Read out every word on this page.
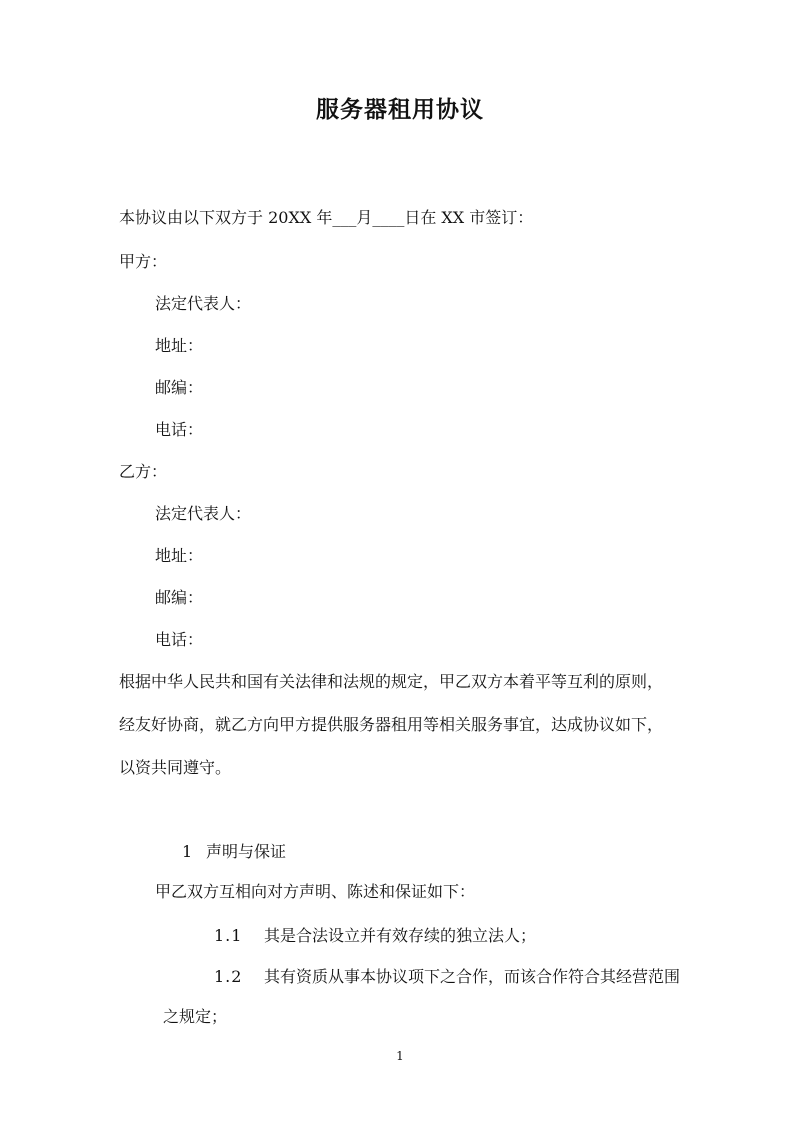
服务器租用协议
本协议由以下双方于 20XX 年___月____日在 XX 市签订：
甲方：
法定代表人：
地址：
邮编：
电话：
乙方：
法定代表人：
地址：
邮编：
电话：
根据中华人民共和国有关法律和法规的规定，甲乙双方本着平等互利的原则，
经友好协商，就乙方向甲方提供服务器租用等相关服务事宜，达成协议如下，
以资共同遵守。
1 声明与保证
甲乙双方互相向对方声明、陈述和保证如下：
1.1 其是合法设立并有效存续的独立法人；
1.2 其有资质从事本协议项下之合作，而该合作符合其经营范围
之规定；
1
